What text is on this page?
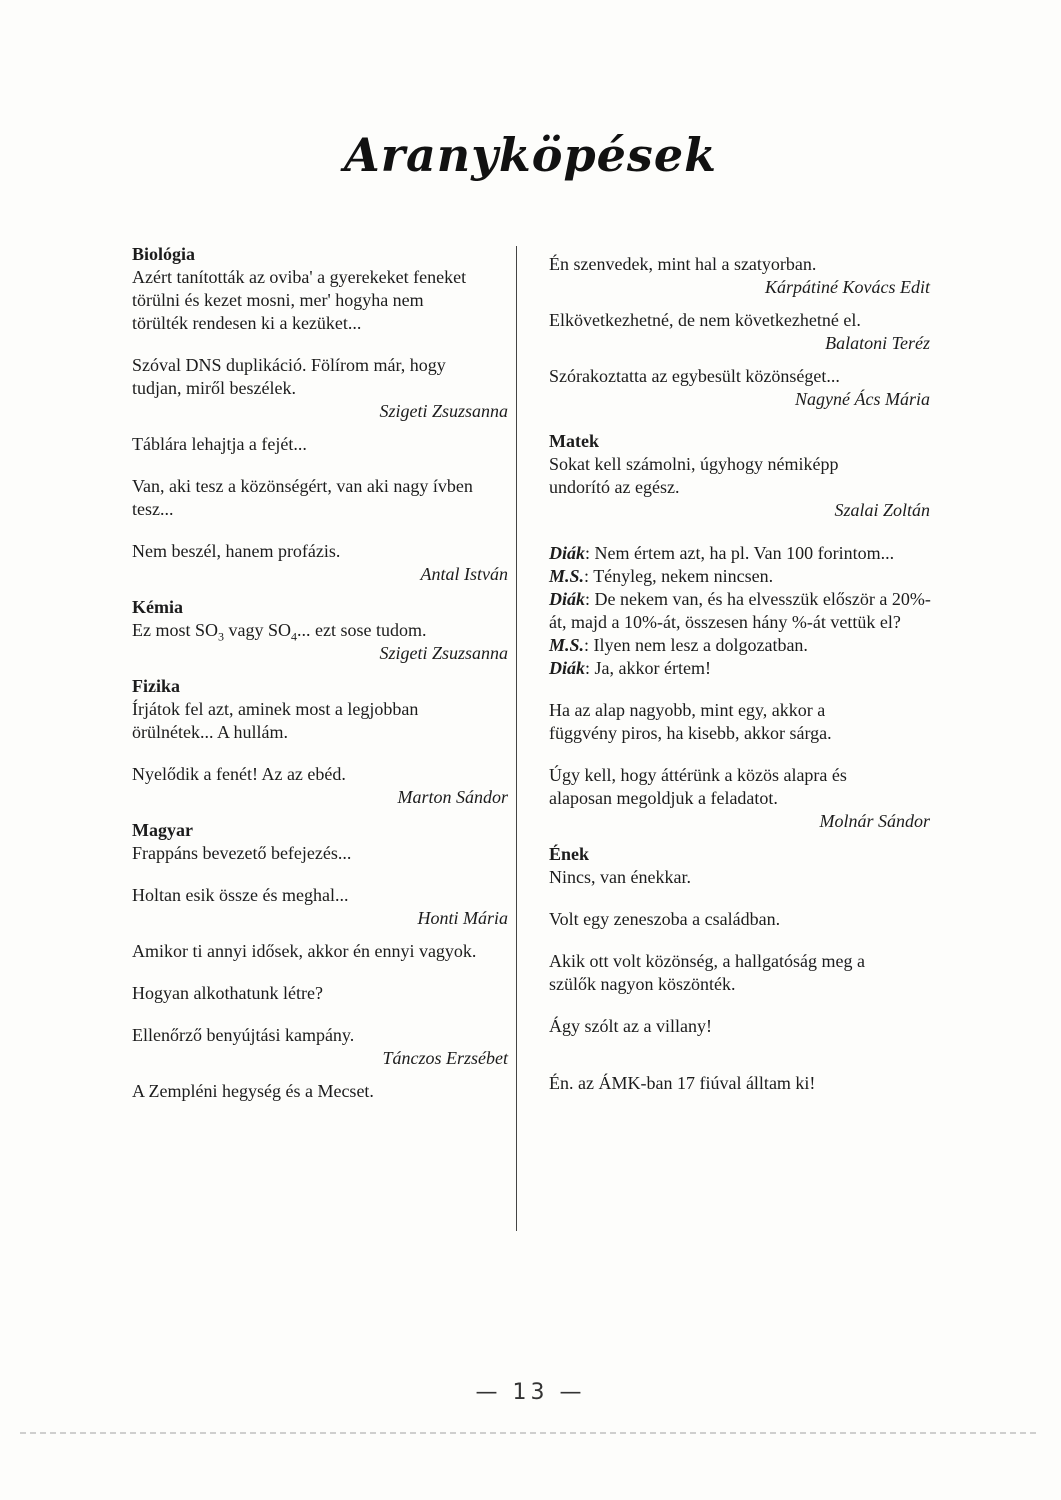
Aranyköpések
Biológia
Azért tanították az oviba' a gyerekeket feneket
törülni és kezet mosni, mer' hogyha nem
törülték rendesen ki a kezüket...
Szóval DNS duplikáció. Fölírom már, hogy
tudjan, miről beszélek.
Szigeti Zsuzsanna
Táblára lehajtja a fejét...
Van, aki tesz a közönségért, van aki nagy ívben
tesz...
Nem beszél, hanem profázis.
Antal István
Kémia
Ez most $SO_3$ vagy $SO_4$... ezt sose tudom.
Szigeti Zsuzsanna
Fizika
Írjátok fel azt, aminek most a legjobban
örülnétek... A hullám.
Nyelődik a fenét! Az az ebéd.
Marton Sándor
Magyar
Frappáns bevezető befejezés...
Holtan esik össze és meghal...
Honti Mária
Amikor ti annyi idősek, akkor én ennyi vagyok.
Hogyan alkothatunk létre?
Ellenőrző benyújtási kampány.
Tánczos Erzsébet
A Zempléni hegység és a Mecset.
Én szenvedek, mint hal a szatyorban.
Kárpátiné Kovács Edit
Elkövetkezhetné, de nem következhetné el.
Balatoni Teréz
Szórakoztatta az egybesült közönséget...
Nagyné Ács Mária
Matek
Sokat kell számolni, úgyhogy némiképp
undorító az egész.
Szalai Zoltán
Diák: Nem értem azt, ha pl. Van 100 forintom...
M.S.: Tényleg, nekem nincsen.
Diák: De nekem van, és ha elvesszük először a 20%-át, majd a 10%-át, összesen hány %-át vettük el?
M.S.: Ilyen nem lesz a dolgozatban.
Diák: Ja, akkor értem!
Ha az alap nagyobb, mint egy, akkor a
függvény piros, ha kisebb, akkor sárga.
Úgy kell, hogy áttérünk a közös alapra és
alaposan megoldjuk a feladatot.
Molnár Sándor
Ének
Nincs, van énekkar.
Volt egy zeneszoba a családban.
Akik ott volt közönség, a hallgatóság meg a
szülők nagyon köszönték.
Ágy szólt az a villany!
Én. az ÁMK-ban 17 fiúval álltam ki!
— 13 —
